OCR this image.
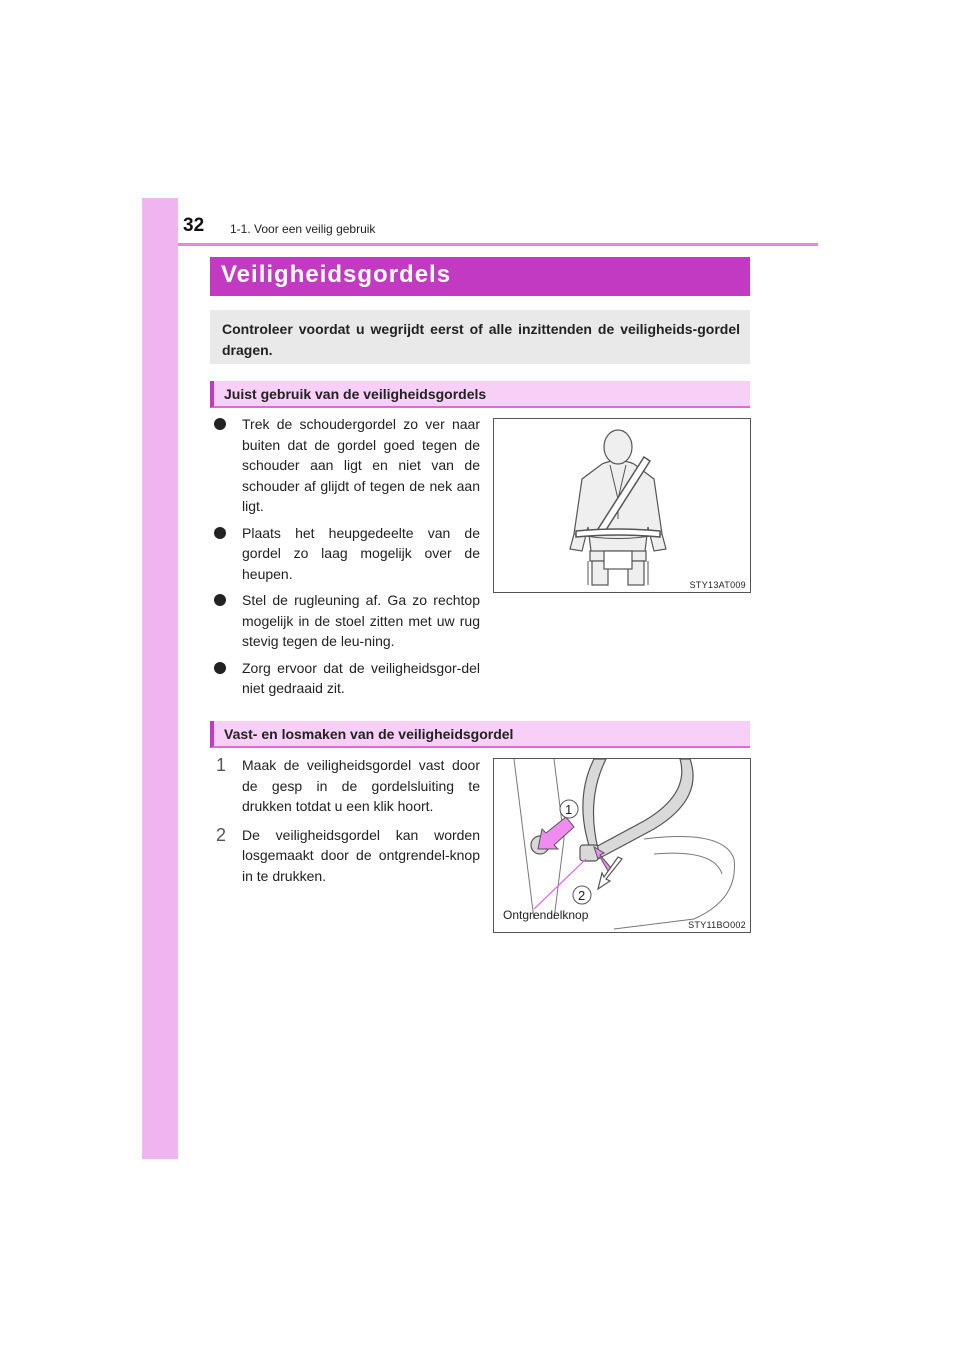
32 1-1. Voor een veilig gebruik
Veiligheidsgordels

Controleer voordat u wegrijdt eerst of alle inzittenden de veiligheids-gordel dragen.

Juist gebruik van de veiligheidsgordels
Trek de schoudergordel zo ver naar buiten dat de gordel goed tegen de schouder aan ligt en niet van de schouder af glijdt of tegen de nek aan ligt.
Plaats het heupgedeelte van de gordel zo laag mogelijk over de heupen.
Stel de rugleuning af. Ga zo rechtop mogelijk in de stoel zitten met uw rug stevig tegen de leu-ning.
Zorg ervoor dat de veiligheidsgor-del niet gedraaid zit.
STY13AT009
Vast- en losmaken van de veiligheidsgordel
1 Maak de veiligheidsgordel vast door de gesp in de gordelsluiting te drukken totdat u een klik hoort.
2 De veiligheidsgordel kan worden losgemaakt door de ontgrendel-knop in te drukken.
1
2
Ontgrendelknop
STY11BO002
